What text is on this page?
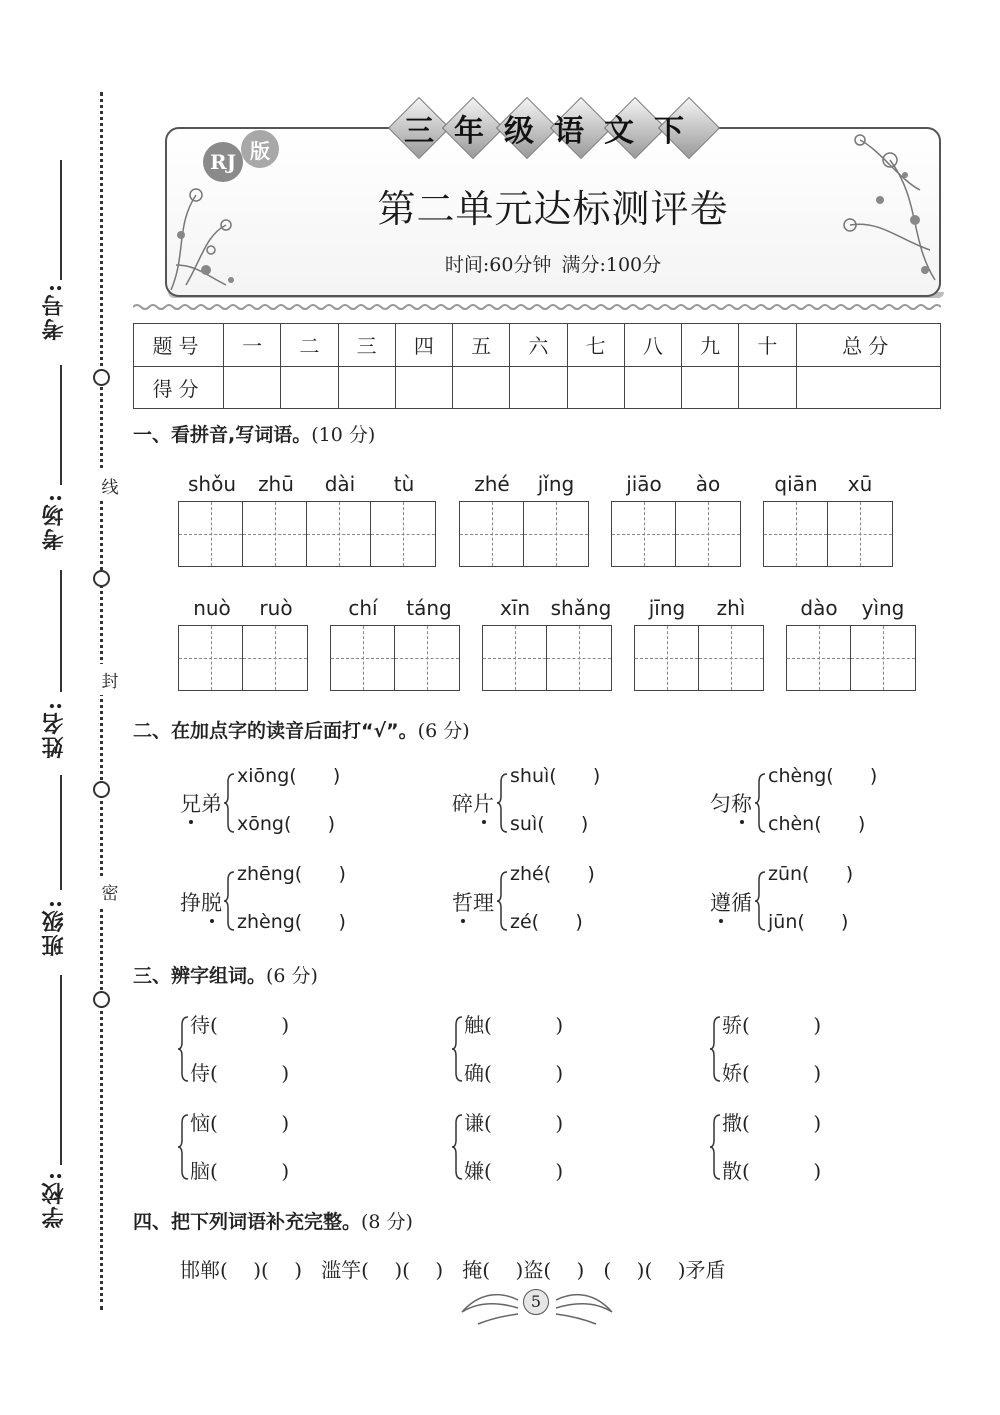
考号:
考场:
姓名:
班级:
学校:
线
封
密
三 年 级 语 文 下
RJ 版
第二单元达标测评卷
时间:60分钟 满分:100分
题号	一	二	三	四	五	六	七	八	九	十	总分
得分											
一、看拼音,写词语。(10 分)
shǒu	zhū	dài	tù	zhé	jǐng	jiāo	ào	qiān	xū
nuò	ruò	chí	táng	xīn	shǎng	jīng	zhì	dào	yìng
二、在加点字的读音后面打“√”。(6 分)
兄弟
xiōng(      )
xōng(      )
碎片
shuì(      )
suì(      )
匀称
chèng(      )
chèn(      )
挣脱
zhēng(      )
zhèng(      )
哲理
zhé(      )
zé(      )
遵循
zūn(      )
jūn(      )
三、辨字组词。(6 分)
待(          )
侍(          )
触(          )
确(          )
骄(          )
娇(          )
恼(          )
脑(          )
谦(          )
嫌(          )
撒(          )
散(          )
四、把下列词语补充完整。(8 分)
邯郸(    )(    )   滥竽(    )(    )   掩(    )盗(    )   (    )(    )矛盾
5
